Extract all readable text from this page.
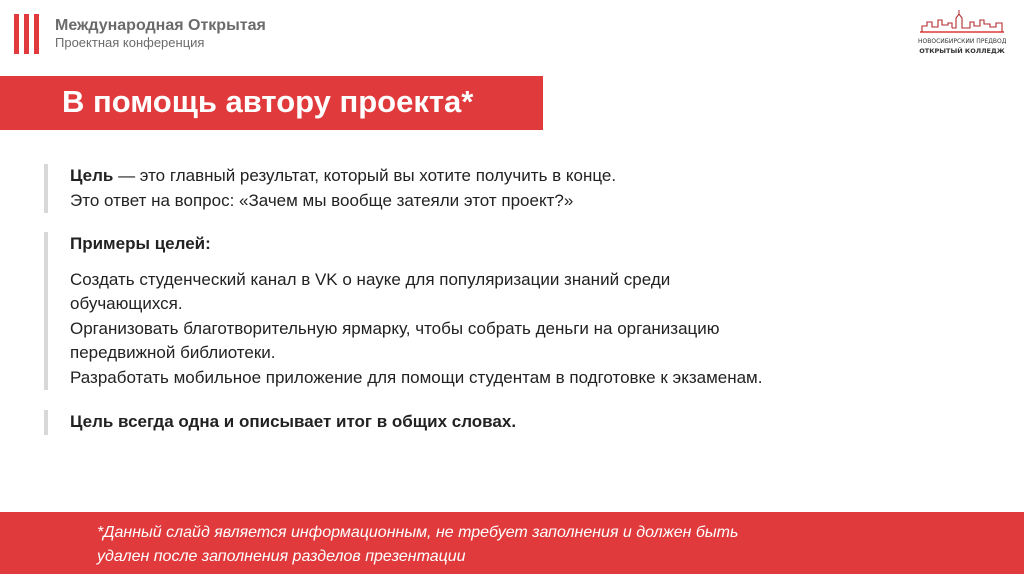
Международная Открытая
Проектная конференция	НОВОСИБИРСКИЙ ПРЕДВОД
ОТКРЫТЫЙ КОЛЛЕДЖ
В помощь автору проекта*

Цель — это главный результат, который вы хотите получить в конце.

Это ответ на вопрос: «Зачем мы вообще затеяли этот проект?»

Примеры целей:

Создать студенческий канал в VK о науке для популяризации знаний среди

обучающихся.

Организовать благотворительную ярмарку, чтобы собрать деньги на организацию

передвижной библиотеки.

Разработать мобильное приложение для помощи студентам в подготовке к экзаменам.

Цель всегда одна и описывает итог в общих словах.

*Данный слайд является информационным, не требует заполнения и должен быть
удален после заполнения разделов презентации
